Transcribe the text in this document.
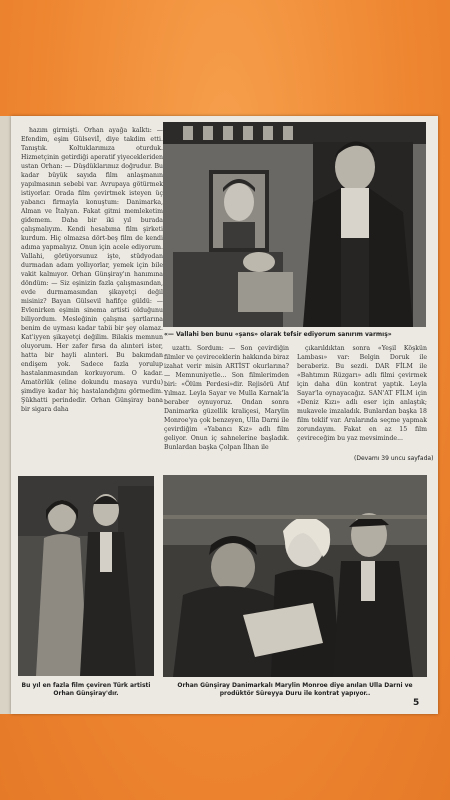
hazım girmişti. Orhan ayağa kalktı: — Efendim, eşim Gülseviİ, diye takdim etti. Tanıştık. Koltuklarımıza oturduk. Hizmetçinin getirdiği aperatif yiyecekleriden ustan Orhan: — Düşdüklarımız doğrudur. Bu kadar büyük sayıda film anlaşmanın yapılmasının sebebi var. Avrupaya götürmek istiyorlar. Orada film çevirtmek isteyen üç yabancı firmayla konuştum: Danimarka, Alman ve İtalyan. Fakat gitmi memleketim gidemem. Daha bir iki yıl burada çalışmalıyım. Kendi hesabıma film şirketi kurdum. Hiç olmazsa dört-beş film de kendi adıma yapmalıyız. Onun için acele ediyorum. Vallahi, görüyorsunuz işte, stüdyodan durmadan adam yollıyorlar, yemek için bile vakit kalmıyor. Orhan Günşiray'ın hanımına döndüm: — Siz eşinizin fazla çalışmasından, evde durmamasından şikayetçi değil misiniz? Bayan Gülsevil hafifçe güldü: — Evlenirken eşimin sinema artisti olduğunu biliyordum. Mesleğinin çalışma şartlarına benim de uyması kadar tabii bir şey olamaz. Kat'iyyen şikayetçi değilim. Bilakis memnun oluyorum. Her zafer fırsa da alınteri ister, hatta bir hayli alınteri. Bu bakımdan endişem yok. Sadece fazla yorulup hastalanmasından korkuyorum. O kadar. Amatörlük (eline dokundu masaya vurdu) şimdiye kadar hiç hastalandığını görmedim. Şükhatti perindedir. Orhan Günşiray bana bir sigara daha

«— Vallahi ben bunu «şans» olarak tefsir ediyorum sanırım varmış»

uzattı. Sordum: — Son çevirdiğin filmler ve çevireceklerin hakkında biraz izahat verir misin ARTİST okurlarına? — Memnuniyetle... Son filmlerimden biri: «Ölüm Perdesi»dir. Rejisörü Atıf Yılmaz. Leyla Sayar ve Mulla Karnak'la beraber oynuyoruz. Ondan sonra Danimarka güzellik kraliçesi, Marylin Monroe'ya çok benzeyen, Ulla Darni ile çevirdiğim «Yabancı Kız» adlı film geliyor. Onun iç sahnelerine başladık. Bunlardan başka Çolpan İlhan ile

çıkarıldıktan sonra «Yeşil Köşkün Lambası» var: Belgin Doruk ile beraberiz. Bu sezdi. DAR FİLM ile «Bahtımın Rüzgarı» adlı filmi çevirmek için daha dün kontrat yaptık. Leyla Sayar'la oynayacağız. SAN'AT FİLM için «Deniz Kızı» adlı eser için anlaştık; mukavele imzaladık. Bunlardan başka 18 film teklif var. Aralarında seçme yapmak zorundayım. Fakat en az 15 film çevireceğim bu yaz mevsiminde...

(Devamı 39 uncu sayfada)
Bu yıl en fazla film çeviren Türk artisti Orhan Günşiray'dır.
Orhan Günşiray Danimarkalı Marylin Monroe diye anılan Ulla Darni ve prodüktör Süreyya Duru ile kontrat yapıyor..
5
